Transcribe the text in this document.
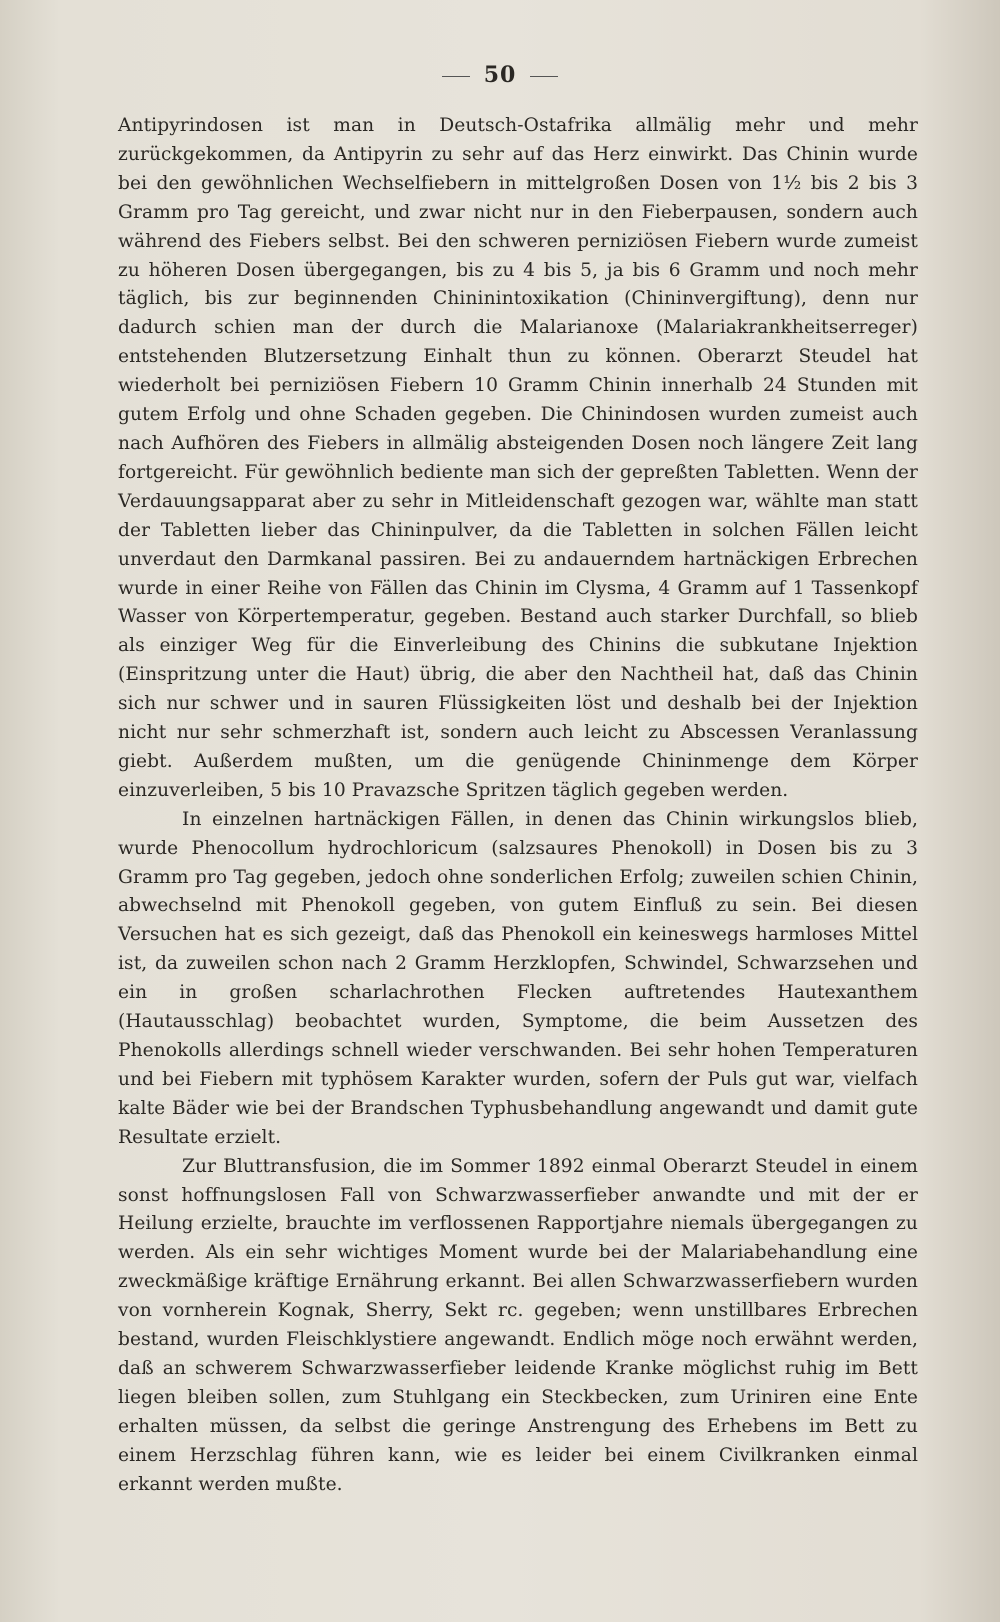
50

Antipyrindosen ist man in Deutsch-Ostafrika allmälig mehr und mehr zurückgekommen, da Antipyrin zu sehr auf das Herz einwirkt. Das Chinin wurde bei den gewöhnlichen Wechselfiebern in mittelgroßen Dosen von 1½ bis 2 bis 3 Gramm pro Tag gereicht, und zwar nicht nur in den Fieberpausen, sondern auch während des Fiebers selbst. Bei den schweren perniziösen Fiebern wurde zumeist zu höheren Dosen übergegangen, bis zu 4 bis 5, ja bis 6 Gramm und noch mehr täglich, bis zur beginnenden Chininintoxikation (Chininvergiftung), denn nur dadurch schien man der durch die Malarianoxe (Malariakrankheitserreger) entstehenden Blutzersetzung Einhalt thun zu können. Oberarzt Steudel hat wiederholt bei perniziösen Fiebern 10 Gramm Chinin innerhalb 24 Stunden mit gutem Erfolg und ohne Schaden gegeben. Die Chinindosen wurden zumeist auch nach Aufhören des Fiebers in allmälig absteigenden Dosen noch längere Zeit lang fortgereicht. Für gewöhnlich bediente man sich der gepreßten Tabletten. Wenn der Verdauungsapparat aber zu sehr in Mitleidenschaft gezogen war, wählte man statt der Tabletten lieber das Chininpulver, da die Tabletten in solchen Fällen leicht unverdaut den Darmkanal passiren. Bei zu andauerndem hartnäckigen Erbrechen wurde in einer Reihe von Fällen das Chinin im Clysma, 4 Gramm auf 1 Tassenkopf Wasser von Körpertemperatur, gegeben. Bestand auch starker Durchfall, so blieb als einziger Weg für die Einverleibung des Chinins die subkutane Injektion (Einspritzung unter die Haut) übrig, die aber den Nachtheil hat, daß das Chinin sich nur schwer und in sauren Flüssigkeiten löst und deshalb bei der Injektion nicht nur sehr schmerzhaft ist, sondern auch leicht zu Abscessen Veranlassung giebt. Außerdem mußten, um die genügende Chininmenge dem Körper einzuverleiben, 5 bis 10 Pravazsche Spritzen täglich gegeben werden.

In einzelnen hartnäckigen Fällen, in denen das Chinin wirkungslos blieb, wurde Phenocollum hydrochloricum (salzsaures Phenokoll) in Dosen bis zu 3 Gramm pro Tag gegeben, jedoch ohne sonderlichen Erfolg; zuweilen schien Chinin, abwechselnd mit Phenokoll gegeben, von gutem Einfluß zu sein. Bei diesen Versuchen hat es sich gezeigt, daß das Phenokoll ein keineswegs harmloses Mittel ist, da zuweilen schon nach 2 Gramm Herzklopfen, Schwindel, Schwarzsehen und ein in großen scharlachrothen Flecken auftretendes Hautexanthem (Hautausschlag) beobachtet wurden, Symptome, die beim Aussetzen des Phenokolls allerdings schnell wieder verschwanden. Bei sehr hohen Temperaturen und bei Fiebern mit typhösem Karakter wurden, sofern der Puls gut war, vielfach kalte Bäder wie bei der Brandschen Typhusbehandlung angewandt und damit gute Resultate erzielt.

Zur Bluttransfusion, die im Sommer 1892 einmal Oberarzt Steudel in einem sonst hoffnungslosen Fall von Schwarzwasserfieber anwandte und mit der er Heilung erzielte, brauchte im verflossenen Rapportjahre niemals übergegangen zu werden. Als ein sehr wichtiges Moment wurde bei der Malariabehandlung eine zweckmäßige kräftige Ernährung erkannt. Bei allen Schwarzwasserfiebern wurden von vornherein Kognak, Sherry, Sekt rc. gegeben; wenn unstillbares Erbrechen bestand, wurden Fleischklystiere angewandt. Endlich möge noch erwähnt werden, daß an schwerem Schwarzwasserfieber leidende Kranke möglichst ruhig im Bett liegen bleiben sollen, zum Stuhlgang ein Steckbecken, zum Uriniren eine Ente erhalten müssen, da selbst die geringe Anstrengung des Erhebens im Bett zu einem Herzschlag führen kann, wie es leider bei einem Civilkranken einmal erkannt werden mußte.
